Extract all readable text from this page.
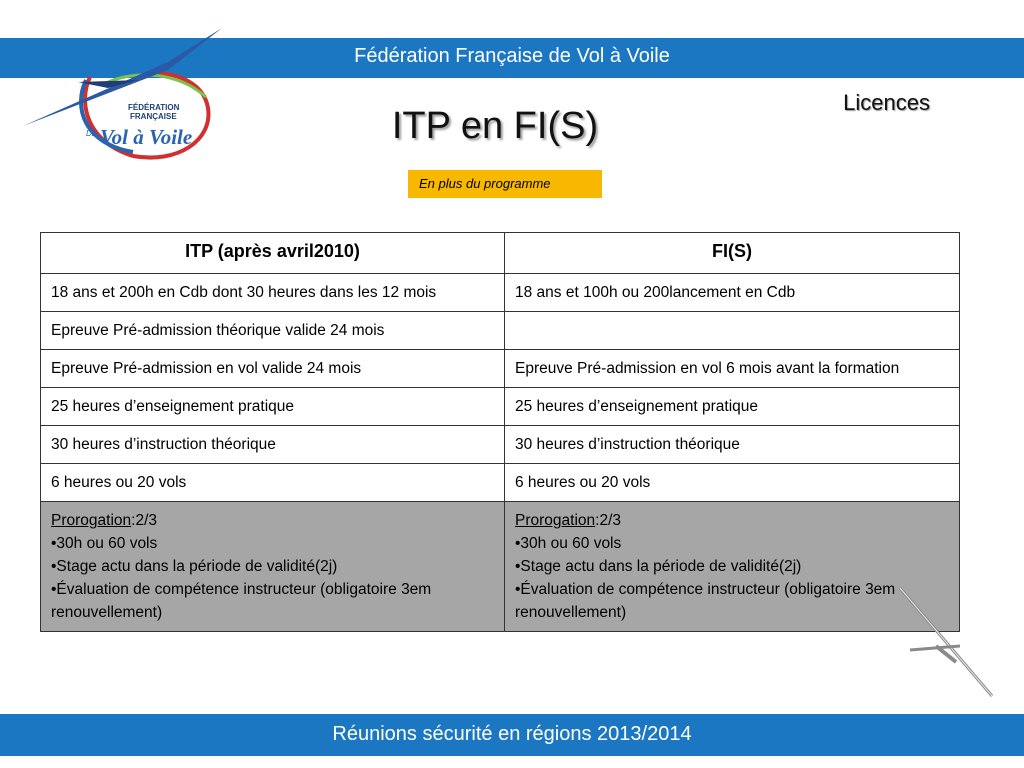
Fédération Française de Vol à Voile
FÉDÉRATION
FRANÇAISE
DE Vol à Voile
Licences
ITP en FI(S)
En plus du programme
ITP (après avril2010)	FI(S)
18 ans et 200h en Cdb dont 30 heures dans les 12 mois	18 ans et 100h ou 200lancement en Cdb
Epreuve Pré-admission théorique valide 24 mois	
Epreuve Pré-admission en vol valide 24 mois	Epreuve Pré-admission en vol 6 mois avant la formation
25 heures d’enseignement pratique	25 heures d’enseignement pratique
30 heures d’instruction théorique	30 heures d’instruction théorique
6 heures ou 20 vols	6 heures ou 20 vols
Prorogation:2/3
•30h ou 60 vols
•Stage actu dans la période de validité(2j)
•Évaluation de compétence instructeur (obligatoire 3em renouvellement)	Prorogation:2/3
•30h ou 60 vols
•Stage actu dans la période de validité(2j)
•Évaluation de compétence instructeur (obligatoire 3em renouvellement)
Réunions sécurité en régions 2013/2014
